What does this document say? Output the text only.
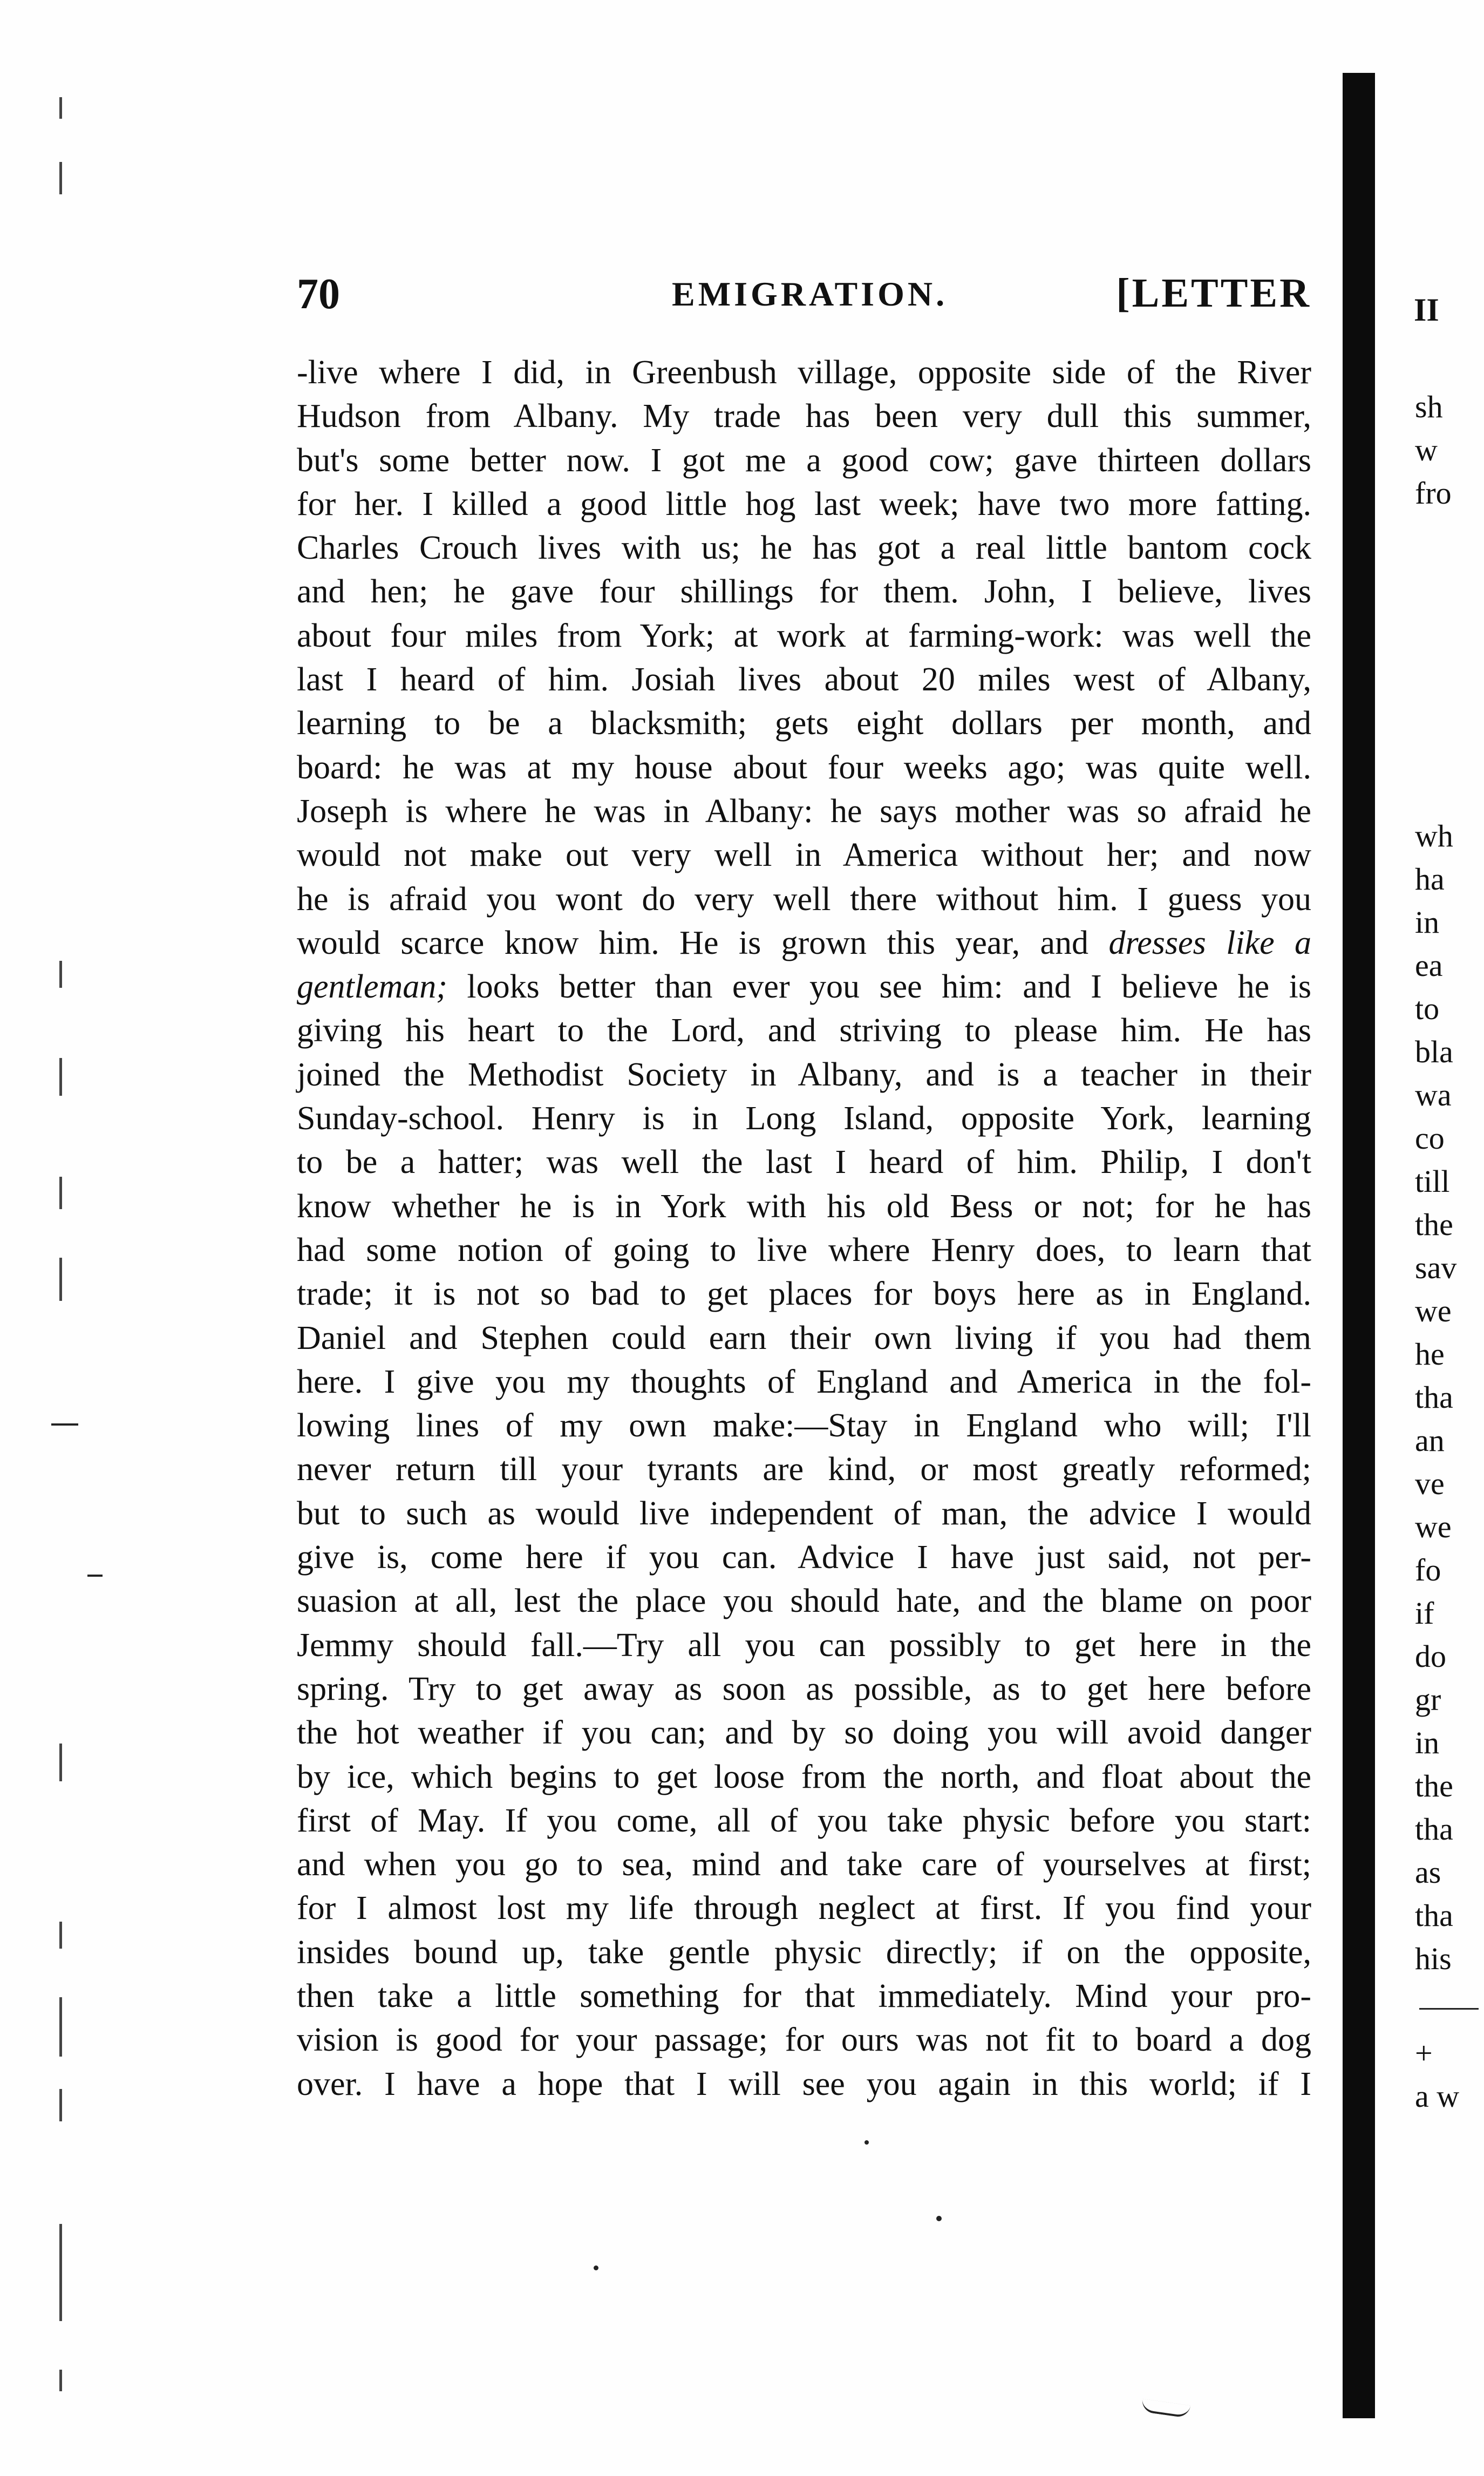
70	EMIGRATION.	[LETTER
-live where I did, in Greenbush village, opposite side of the River
Hudson from Albany. My trade has been very dull this summer,
but's some better now. I got me a good cow; gave thirteen dollars
for her. I killed a good little hog last week; have two more fatting.
Charles Crouch lives with us; he has got a real little bantom cock
and hen; he gave four shillings for them. John, I believe, lives
about four miles from York; at work at farming-work: was well the
last I heard of him. Josiah lives about 20 miles west of Albany,
learning to be a blacksmith; gets eight dollars per month, and
board: he was at my house about four weeks ago; was quite well.
Joseph is where he was in Albany: he says mother was so afraid he
would not make out very well in America without her; and now
he is afraid you wont do very well there without him. I guess you
would scarce know him. He is grown this year, and dresses like a
gentleman; looks better than ever you see him: and I believe he is
giving his heart to the Lord, and striving to please him. He has
joined the Methodist Society in Albany, and is a teacher in their
Sunday-school. Henry is in Long Island, opposite York, learning
to be a hatter; was well the last I heard of him. Philip, I don't
know whether he is in York with his old Bess or not; for he has
had some notion of going to live where Henry does, to learn that
trade; it is not so bad to get places for boys here as in England.
Daniel and Stephen could earn their own living if you had them
here. I give you my thoughts of England and America in the fol-
lowing lines of my own make:—Stay in England who will; I'll
never return till your tyrants are kind, or most greatly reformed;
but to such as would live independent of man, the advice I would
give is, come here if you can. Advice I have just said, not per-
suasion at all, lest the place you should hate, and the blame on poor
Jemmy should fall.—Try all you can possibly to get here in the
spring. Try to get away as soon as possible, as to get here before
the hot weather if you can; and by so doing you will avoid danger
by ice, which begins to get loose from the north, and float about the
first of May. If you come, all of you take physic before you start:
and when you go to sea, mind and take care of yourselves at first;
for I almost lost my life through neglect at first. If you find your
insides bound up, take gentle physic directly; if on the opposite,
then take a little something for that immediately. Mind your pro-
vision is good for your passage; for ours was not fit to board a dog
over. I have a hope that I will see you again in this world; if I
II
sh
w
fro
wh
ha
in
ea
to
bla
wa
co
till
the
sav
we
he
tha
an
ve
we
fo
if
do
gr
in
the
tha
as
tha
his
+
a w
